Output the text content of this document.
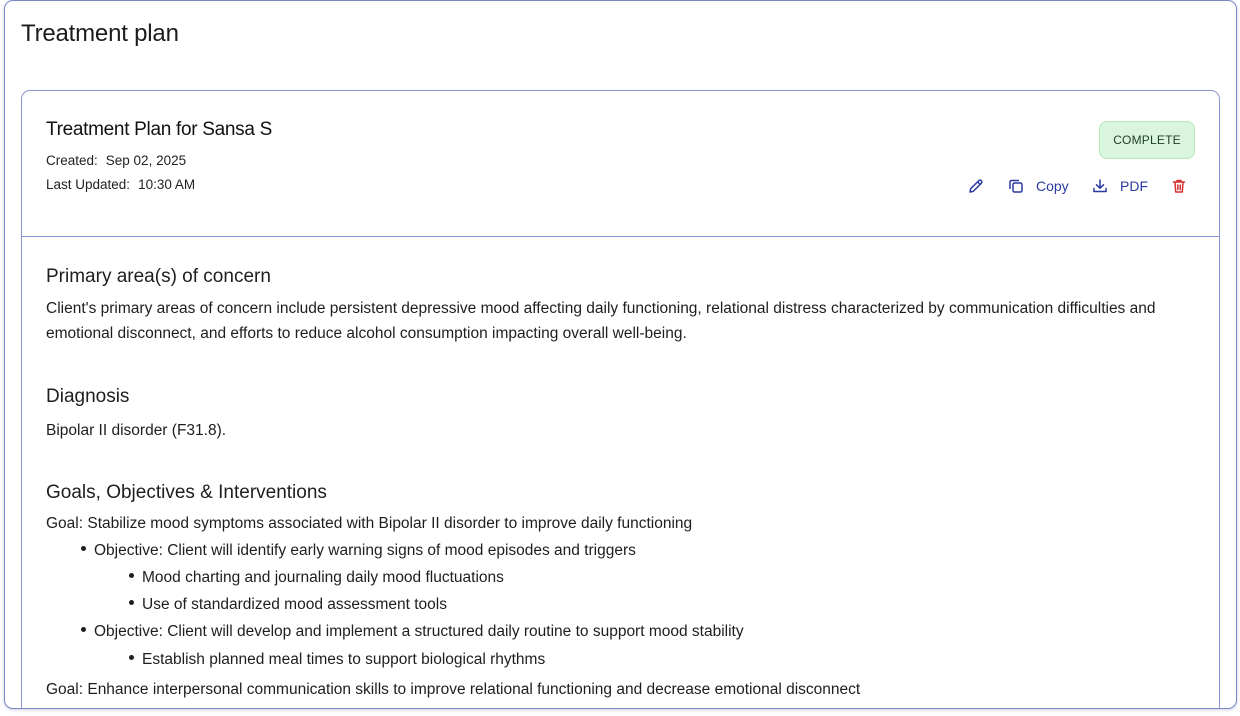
Treatment plan
Treatment Plan for Sansa S
Created: Sep 02, 2025
Last Updated: 10:30 AM
COMPLETE
Copy	PDF
Primary area(s) of concern
Client's primary areas of concern include persistent depressive mood affecting daily functioning, relational distress characterized by communication difficulties and emotional disconnect, and efforts to reduce alcohol consumption impacting overall well-being.
Diagnosis
Bipolar II disorder (F31.8).
Goals, Objectives & Interventions
Goal: Stabilize mood symptoms associated with Bipolar II disorder to improve daily functioning
Objective: Client will identify early warning signs of mood episodes and triggers
Mood charting and journaling daily mood fluctuations
Use of standardized mood assessment tools
Objective: Client will develop and implement a structured daily routine to support mood stability
Establish planned meal times to support biological rhythms
Goal: Enhance interpersonal communication skills to improve relational functioning and decrease emotional disconnect
